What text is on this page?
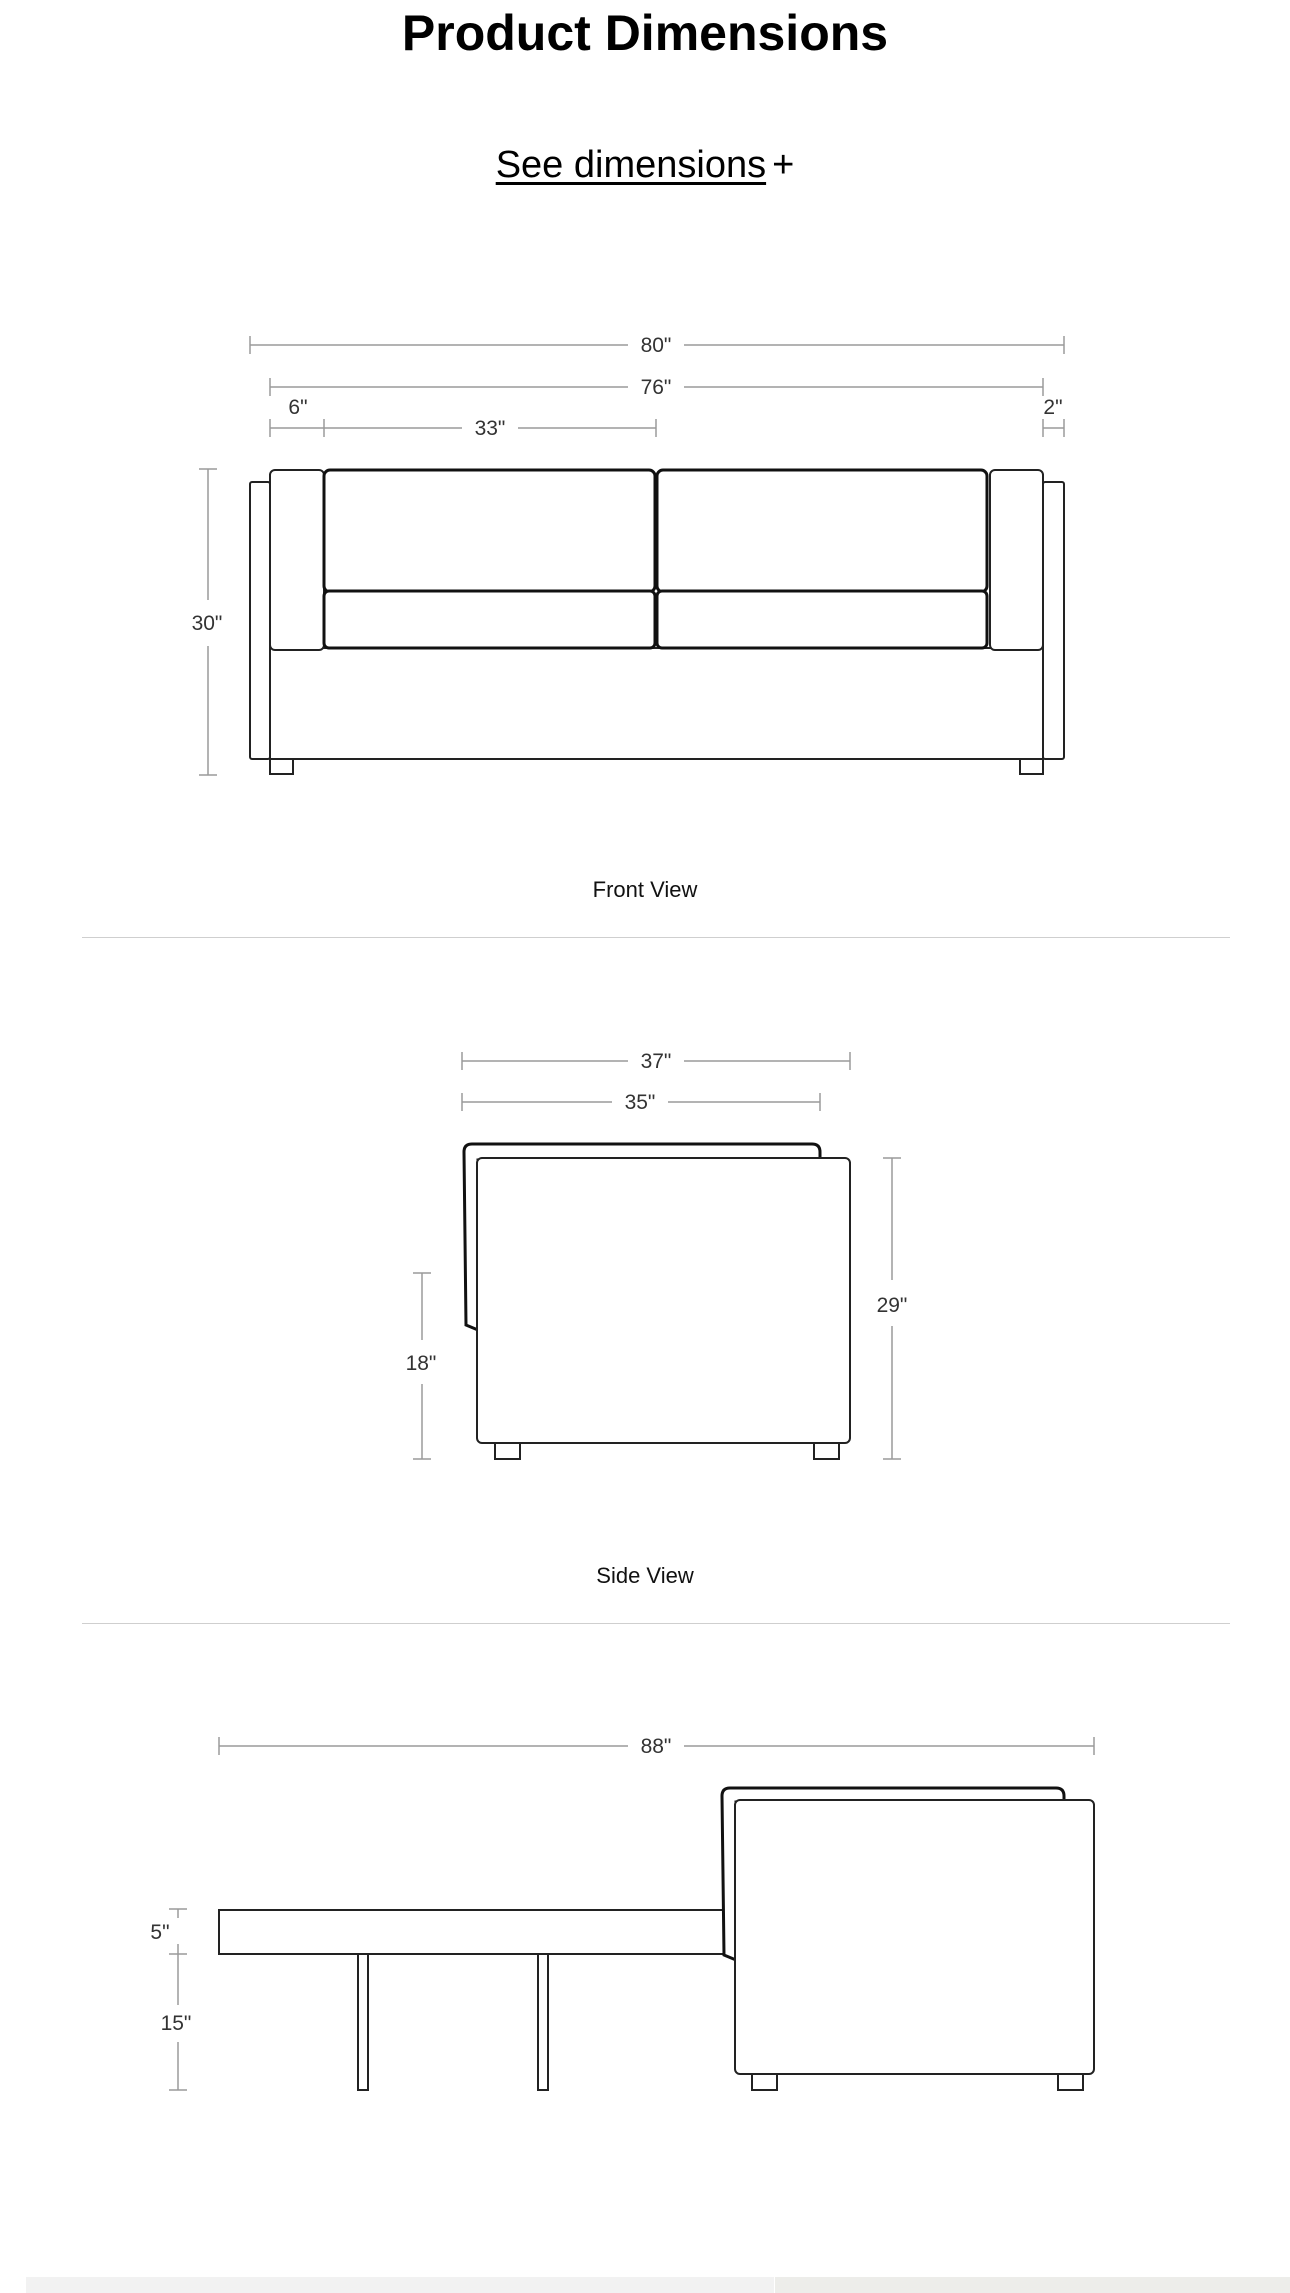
Product Dimensions
See dimensions +
80"
76"
6"
33"
2"
30"
37"
35"
18"
29"
88"
5"
15"
Front View
Side View
